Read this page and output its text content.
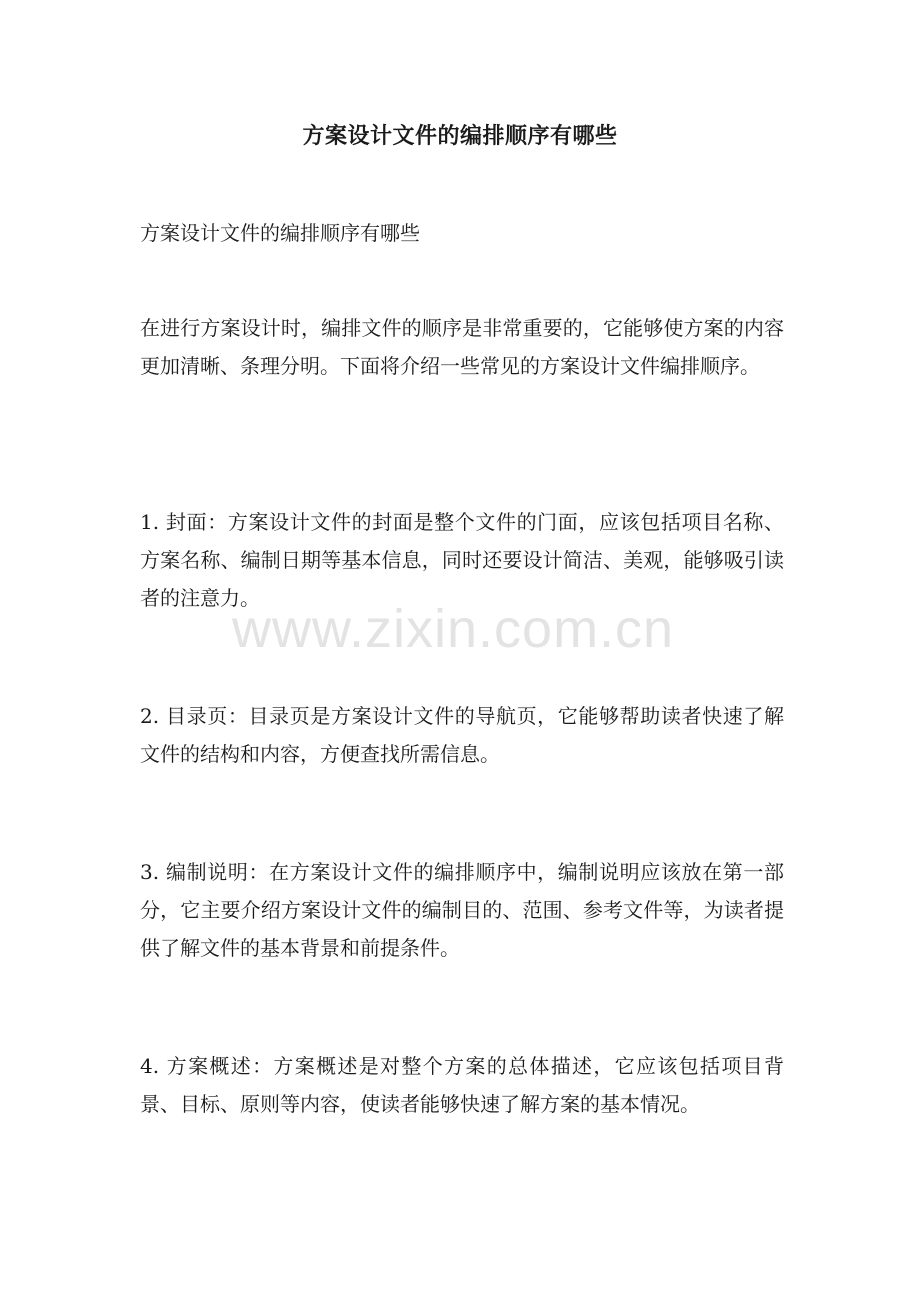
方案设计文件的编排顺序有哪些

方案设计文件的编排顺序有哪些

在进行方案设计时，编排文件的顺序是非常重要的，它能够使方案的内容更加清晰、条理分明。下面将介绍一些常见的方案设计文件编排顺序。

1. 封面：方案设计文件的封面是整个文件的门面，应该包括项目名称、方案名称、编制日期等基本信息，同时还要设计简洁、美观，能够吸引读者的注意力。

2. 目录页：目录页是方案设计文件的导航页，它能够帮助读者快速了解文件的结构和内容，方便查找所需信息。

3. 编制说明：在方案设计文件的编排顺序中，编制说明应该放在第一部分，它主要介绍方案设计文件的编制目的、范围、参考文件等，为读者提供了解文件的基本背景和前提条件。

4. 方案概述：方案概述是对整个方案的总体描述，它应该包括项目背景、目标、原则等内容，使读者能够快速了解方案的基本情况。

www.zixin.com.cn
